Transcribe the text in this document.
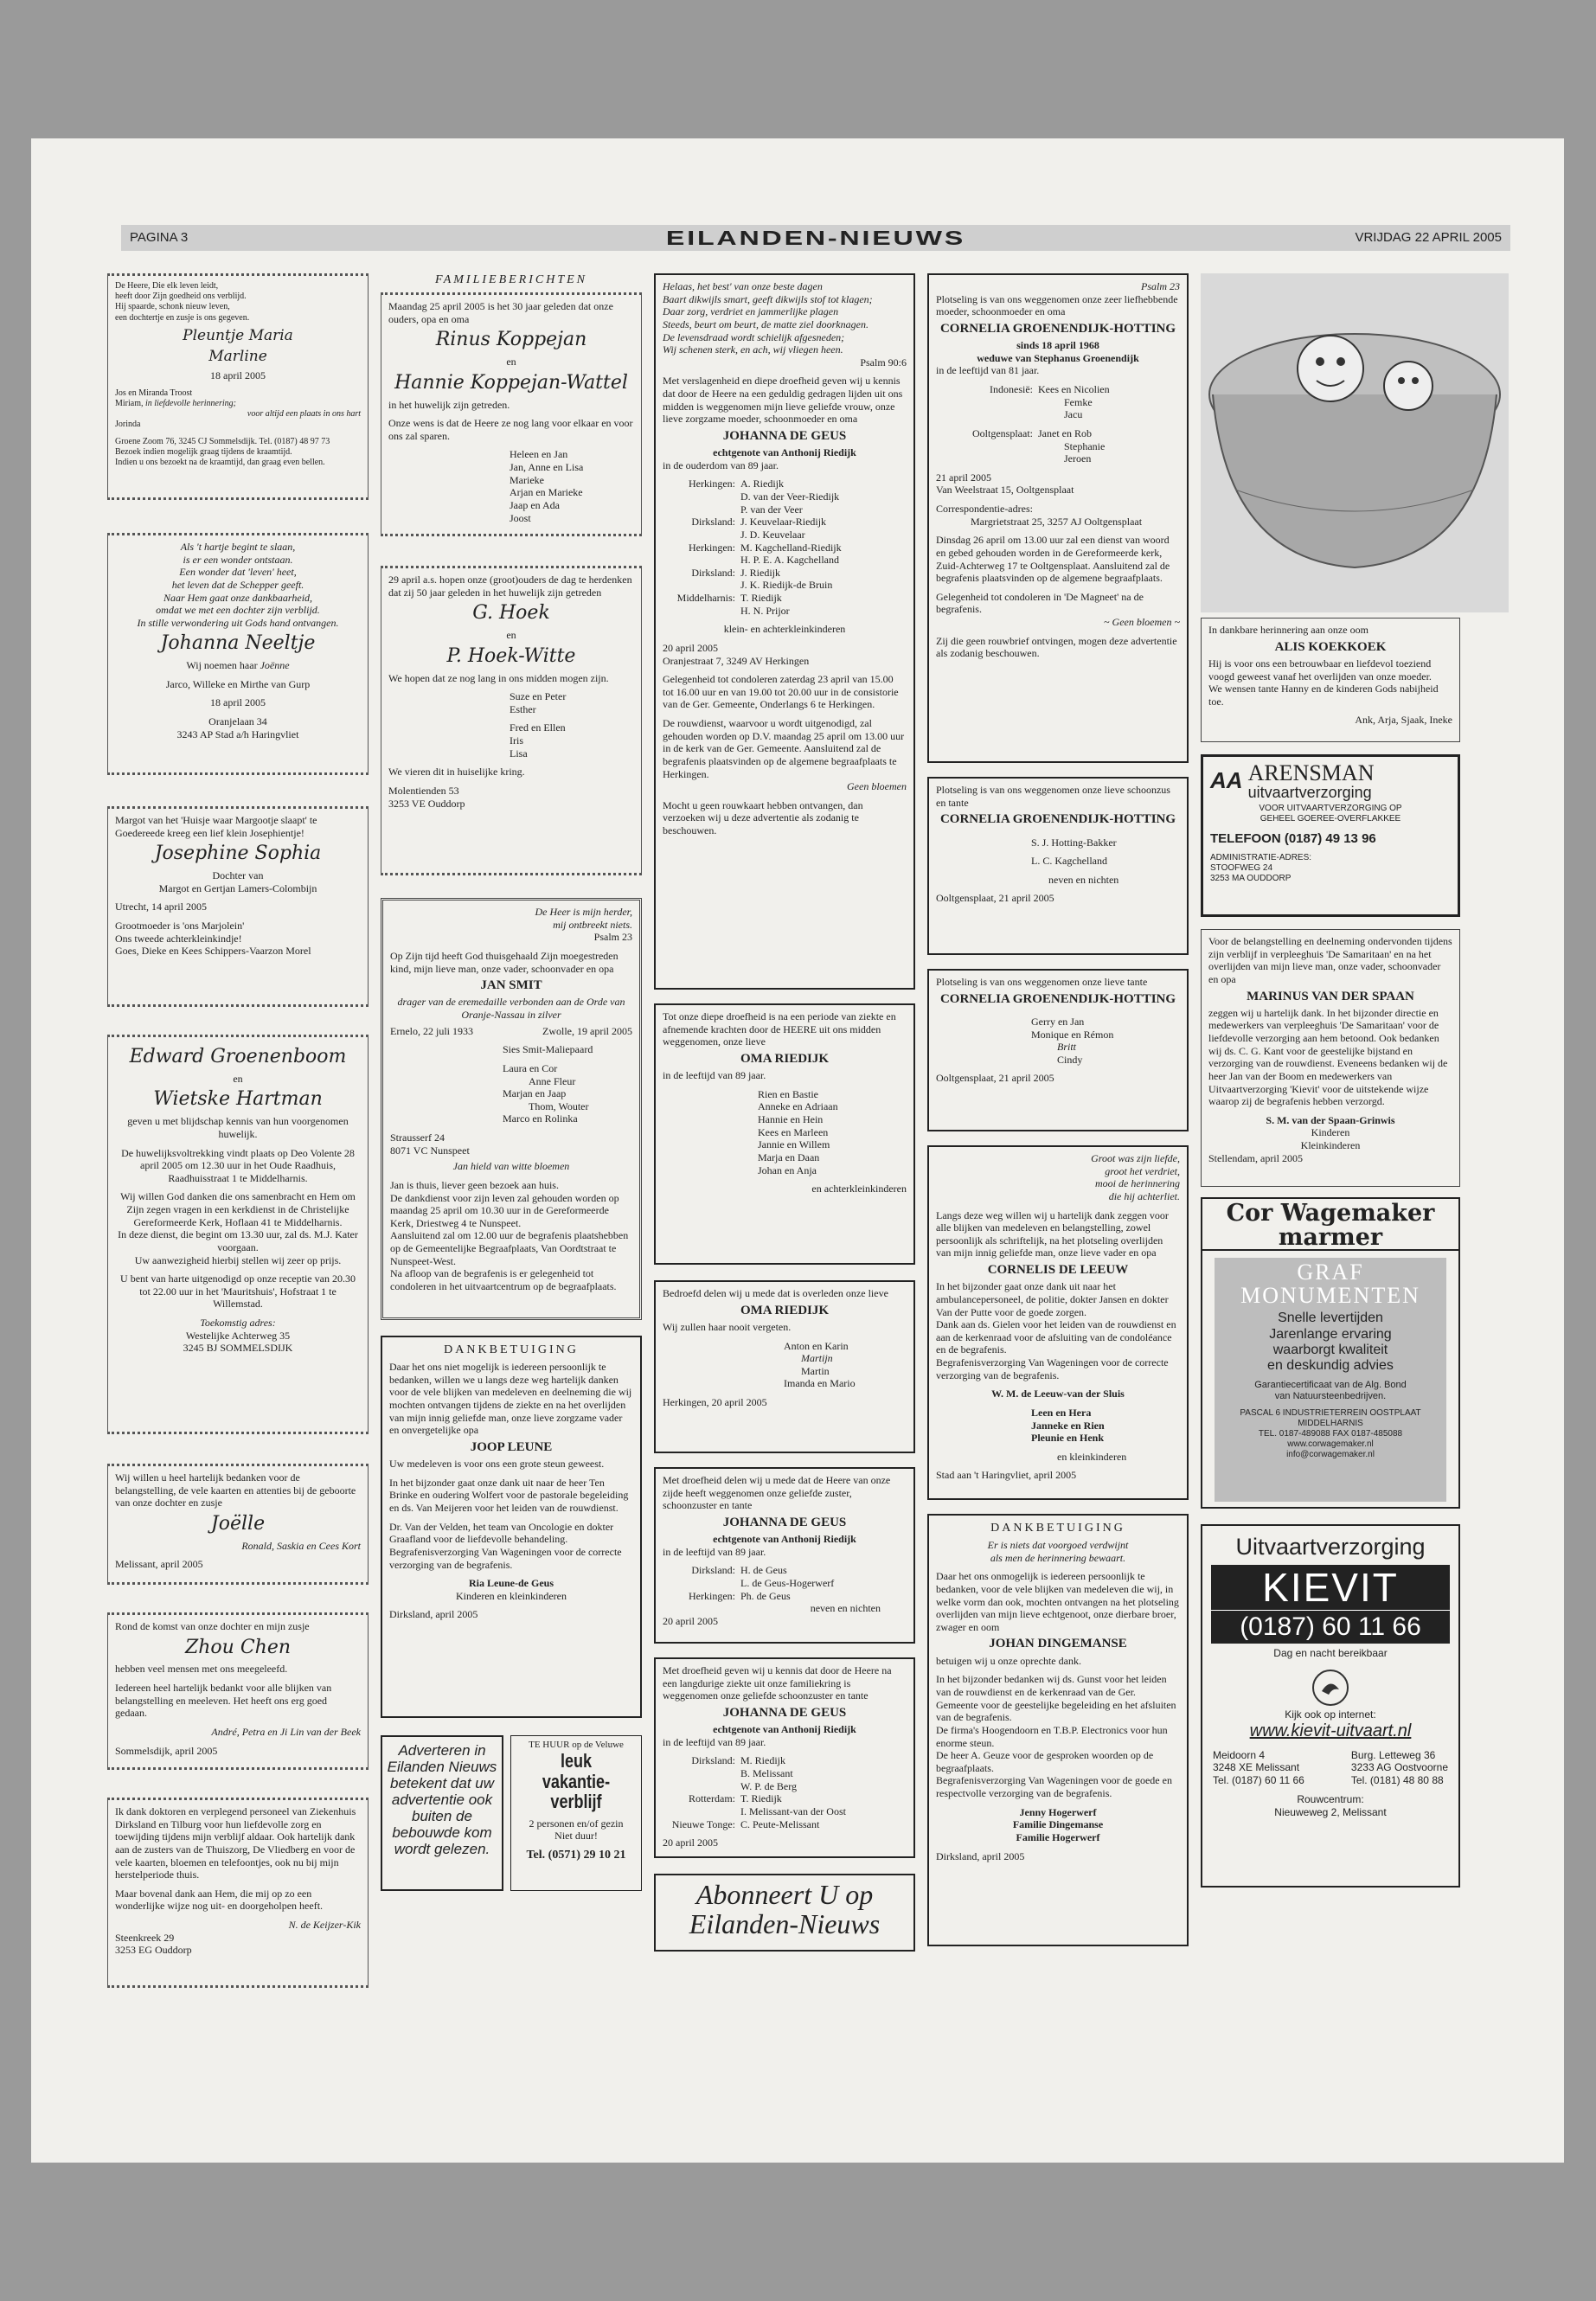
PAGINA 3	EILANDEN-NIEUWS	VRIJDAG 22 APRIL 2005
De Heere, Die elk leven leidt,
heeft door Zijn goedheid ons verblijd.
Hij spaarde, schonk nieuw leven,
een dochtertje en zusje is ons gegeven.
Pleuntje Maria
Marline
18 april 2005
Jos en Miranda Troost
Miriam, in liefdevolle herinnering;
voor altijd een plaats in ons hart
Jorinda
Groene Zoom 76, 3245 CJ Sommelsdijk. Tel. (0187) 48 97 73
Bezoek indien mogelijk graag tijdens de kraamtijd.
Indien u ons bezoekt na de kraamtijd, dan graag even bellen.
Als 't hartje begint te slaan,
is er een wonder ontstaan.
Een wonder dat 'leven' heet,
het leven dat de Schepper geeft.
Naar Hem gaat onze dankbaarheid,
omdat we met een dochter zijn verblijd.
In stille verwondering uit Gods hand ontvangen.
Johanna Neeltje
Wij noemen haar Joënne
Jarco, Willeke en Mirthe van Gurp
18 april 2005
Oranjelaan 34
3243 AP Stad a/h Haringvliet
Margot van het 'Huisje waar Margootje slaapt' te Goedereede kreeg een lief klein Josephientje!
Josephine Sophia
Dochter van
Margot en Gertjan Lamers-Colombijn
Utrecht, 14 april 2005
Grootmoeder is 'ons Marjolein'
Ons tweede achterkleinkindje!
Goes, Dieke en Kees Schippers-Vaarzon Morel
Edward Groenenboom
en
Wietske Hartman
geven u met blijdschap kennis van hun voorgenomen huwelijk.
De huwelijksvoltrekking vindt plaats op Deo Volente 28 april 2005 om 12.30 uur in het Oude Raadhuis, Raadhuisstraat 1 te Middelharnis.
Wij willen God danken die ons samenbracht en Hem om Zijn zegen vragen in een kerkdienst in de Christelijke Gereformeerde Kerk, Hoflaan 41 te Middelharnis.
In deze dienst, die begint om 13.30 uur, zal ds. M.J. Kater voorgaan.
Uw aanwezigheid hierbij stellen wij zeer op prijs.
U bent van harte uitgenodigd op onze receptie van 20.30 tot 22.00 uur in het 'Mauritshuis', Hofstraat 1 te Willemstad.
Toekomstig adres:
Westelijke Achterweg 35
3245 BJ SOMMELSDIJK
Wij willen u heel hartelijk bedanken voor de belangstelling, de vele kaarten en attenties bij de geboorte van onze dochter en zusje
Joëlle
Ronald, Saskia en Cees Kort
Melissant, april 2005
Rond de komst van onze dochter en mijn zusje
Zhou Chen
hebben veel mensen met ons meegeleefd.
Iedereen heel hartelijk bedankt voor alle blijken van belangstelling en meeleven. Het heeft ons erg goed gedaan.
André, Petra en Ji Lin van der Beek
Sommelsdijk, april 2005
Ik dank doktoren en verplegend personeel van Ziekenhuis Dirksland en Tilburg voor hun liefdevolle zorg en toewijding tijdens mijn verblijf aldaar. Ook hartelijk dank aan de zusters van de Thuiszorg, De Vliedberg en voor de vele kaarten, bloemen en telefoontjes, ook nu bij mijn herstelperiode thuis.
Maar bovenal dank aan Hem, die mij op zo een wonderlijke wijze nog uit- en doorgeholpen heeft.
N. de Keijzer-Kik
Steenkreek 29
3253 EG Ouddorp
FAMILIEBERICHTEN
Maandag 25 april 2005 is het 30 jaar geleden dat onze ouders, opa en oma
Rinus Koppejan
en
Hannie Koppejan-Wattel
in het huwelijk zijn getreden.
Onze wens is dat de Heere ze nog lang voor elkaar en voor ons zal sparen.
Heleen en Jan
Jan, Anne en Lisa
Marieke
Arjan en Marieke
Jaap en Ada
Joost
29 april a.s. hopen onze (groot)ouders de dag te herdenken dat zij 50 jaar geleden in het huwelijk zijn getreden
G. Hoek
en
P. Hoek-Witte
We hopen dat ze nog lang in ons midden mogen zijn.
Suze en Peter
Esther
Fred en Ellen
Iris
Lisa
We vieren dit in huiselijke kring.
Molentienden 53
3253 VE Ouddorp
De Heer is mijn herder,
mij ontbreekt niets.
Psalm 23
Op Zijn tijd heeft God thuisgehaald Zijn moegestreden kind, mijn lieve man, onze vader, schoonvader en opa
JAN SMIT
drager van de eremedaille verbonden aan de Orde van Oranje-Nassau in zilver
Ernelo, 22 juli 1933	Zwolle, 19 april 2005
Sies Smit-Maliepaard
Laura en Cor
Anne Fleur
Marjan en Jaap
Thom, Wouter
Marco en Rolinka
Strausserf 24
8071 VC Nunspeet
Jan hield van witte bloemen
Jan is thuis, liever geen bezoek aan huis.
De dankdienst voor zijn leven zal gehouden worden op maandag 25 april om 10.30 uur in de Gereformeerde Kerk, Driestweg 4 te Nunspeet.
Aansluitend zal om 12.00 uur de begrafenis plaatshebben op de Gemeentelijke Begraafplaats, Van Oordtstraat te Nunspeet-West.
Na afloop van de begrafenis is er gelegenheid tot condoleren in het uitvaartcentrum op de begraafplaats.
DANKBETUIGING
Daar het ons niet mogelijk is iedereen persoonlijk te bedanken, willen we u langs deze weg hartelijk danken voor de vele blijken van medeleven en deelneming die wij mochten ontvangen tijdens de ziekte en na het overlijden van mijn innig geliefde man, onze lieve zorgzame vader en onvergetelijke opa
JOOP LEUNE
Uw medeleven is voor ons een grote steun geweest.
In het bijzonder gaat onze dank uit naar de heer Ten Brinke en oudering Wolfert voor de pastorale begeleiding en ds. Van Meijeren voor het leiden van de rouwdienst.
Dr. Van der Velden, het team van Oncologie en dokter Graafland voor de liefdevolle behandeling. Begrafenisverzorging Van Wageningen voor de correcte verzorging van de begrafenis.
Ria Leune-de Geus
Kinderen en kleinkinderen
Dirksland, april 2005
Adverteren in
Eilanden Nieuws
betekent dat uw
advertentie ook
buiten de
bebouwde kom
wordt gelezen.
TE HUUR op de Veluwe
leuk vakantie-
verblijf
2 personen en/of gezin
Niet duur!
Tel. (0571) 29 10 21
Helaas, het best' van onze beste dagen
Baart dikwijls smart, geeft dikwijls stof tot klagen;
Daar zorg, verdriet en jammerlijke plagen
Steeds, beurt om beurt, de matte ziel doorknagen.
De levensdraad wordt schielijk afgesneden;
Wij schenen sterk, en ach, wij vliegen heen.
Psalm 90:6
Met verslagenheid en diepe droefheid geven wij u kennis dat door de Heere na een geduldig gedragen lijden uit ons midden is weggenomen mijn lieve geliefde vrouw, onze lieve zorgzame moeder, schoonmoeder en oma
JOHANNA DE GEUS
echtgenote van Anthonij Riedijk
in de ouderdom van 89 jaar.
Herkingen: A. Riedijk
D. van der Veer-Riedijk
P. van der Veer
Dirksland: J. Keuvelaar-Riedijk
J. D. Keuvelaar
Herkingen: M. Kagchelland-Riedijk
H. P. E. A. Kagchelland
Dirksland: J. Riedijk
J. K. Riedijk-de Bruin
Middelharnis: T. Riedijk
H. N. Prijor
klein- en achterkleinkinderen
20 april 2005
Oranjestraat 7, 3249 AV Herkingen
Gelegenheid tot condoleren zaterdag 23 april van 15.00 tot 16.00 uur en van 19.00 tot 20.00 uur in de consistorie van de Ger. Gemeente, Onderlangs 6 te Herkingen.
De rouwdienst, waarvoor u wordt uitgenodigd, zal gehouden worden op D.V. maandag 25 april om 13.00 uur in de kerk van de Ger. Gemeente. Aansluitend zal de begrafenis plaatsvinden op de algemene begraafplaats te Herkingen.
Geen bloemen
Mocht u geen rouwkaart hebben ontvangen, dan verzoeken wij u deze advertentie als zodanig te beschouwen.
Tot onze diepe droefheid is na een periode van ziekte en afnemende krachten door de HEERE uit ons midden weggenomen, onze lieve
OMA RIEDIJK
in de leeftijd van 89 jaar.
Rien en Bastie
Anneke en Adriaan
Hannie en Hein
Kees en Marleen
Jannie en Willem
Marja en Daan
Johan en Anja
en achterkleinkinderen
Bedroefd delen wij u mede dat is overleden onze lieve
OMA RIEDIJK
Wij zullen haar nooit vergeten.
Anton en Karin
Martijn
Martin
Imanda en Mario
Herkingen, 20 april 2005
Met droefheid delen wij u mede dat de Heere van onze zijde heeft weggenomen onze geliefde zuster, schoonzuster en tante
JOHANNA DE GEUS
echtgenote van Anthonij Riedijk
in de leeftijd van 89 jaar.
Dirksland: H. de Geus
L. de Geus-Hogerwerf
Herkingen: Ph. de Geus
neven en nichten
20 april 2005
Met droefheid geven wij u kennis dat door de Heere na een langdurige ziekte uit onze familiekring is weggenomen onze geliefde schoonzuster en tante
JOHANNA DE GEUS
echtgenote van Anthonij Riedijk
in de leeftijd van 89 jaar.
Dirksland: M. Riedijk
B. Melissant
W. P. de Berg
Rotterdam: T. Riedijk
I. Melissant-van der Oost
Nieuwe Tonge: C. Peute-Melissant
20 april 2005
Abonneert U op
Eilanden-Nieuws
Psalm 23
Plotseling is van ons weggenomen onze zeer liefhebbende moeder, schoonmoeder en oma
CORNELIA GROENENDIJK-HOTTING
sinds 18 april 1968
weduwe van Stephanus Groenendijk
in de leeftijd van 81 jaar.
Indonesië: Kees en Nicolien
Femke
Jacu
Ooltgensplaat: Janet en Rob
Stephanie
Jeroen
21 april 2005
Van Weelstraat 15, Ooltgensplaat
Correspondentie-adres:
Margrietstraat 25, 3257 AJ Ooltgensplaat
Dinsdag 26 april om 13.00 uur zal een dienst van woord en gebed gehouden worden in de Gereformeerde kerk, Zuid-Achterweg 17 te Ooltgensplaat. Aansluitend zal de begrafenis plaatsvinden op de algemene begraafplaats.
Gelegenheid tot condoleren in 'De Magneet' na de begrafenis.
~ Geen bloemen ~
Zij die geen rouwbrief ontvingen, mogen deze advertentie als zodanig beschouwen.
Plotseling is van ons weggenomen onze lieve schoonzus en tante
CORNELIA GROENENDIJK-HOTTING
S. J. Hotting-Bakker
L. C. Kagchelland
neven en nichten
Ooltgensplaat, 21 april 2005
Plotseling is van ons weggenomen onze lieve tante
CORNELIA GROENENDIJK-HOTTING
Gerry en Jan
Monique en Rémon
Britt
Cindy
Ooltgensplaat, 21 april 2005
Groot was zijn liefde,
groot het verdriet,
mooi de herinnering
die hij achterliet.
Langs deze weg willen wij u hartelijk dank zeggen voor alle blijken van medeleven en belangstelling, zowel persoonlijk als schriftelijk, na het plotseling overlijden van mijn innig geliefde man, onze lieve vader en opa
CORNELIS DE LEEUW
In het bijzonder gaat onze dank uit naar het ambulancepersoneel, de politie, dokter Jansen en dokter Van der Putte voor de goede zorgen.
Dank aan ds. Gielen voor het leiden van de rouwdienst en aan de kerkenraad voor de afsluiting van de condoléance en de begrafenis.
Begrafenisverzorging Van Wageningen voor de correcte verzorging van de begrafenis.
W. M. de Leeuw-van der Sluis
Leen en Hera
Janneke en Rien
Pleunie en Henk
en kleinkinderen
Stad aan 't Haringvliet, april 2005
DANKBETUIGING
Er is niets dat voorgoed verdwijnt
als men de herinnering bewaart.
Daar het ons onmogelijk is iedereen persoonlijk te bedanken, voor de vele blijken van medeleven die wij, in welke vorm dan ook, mochten ontvangen na het plotseling overlijden van mijn lieve echtgenoot, onze dierbare broer, zwager en oom
JOHAN DINGEMANSE
betuigen wij u onze oprechte dank.
In het bijzonder bedanken wij ds. Gunst voor het leiden van de rouwdienst en de kerkenraad van de Ger. Gemeente voor de geestelijke begeleiding en het afsluiten van de begrafenis.
De firma's Hoogendoorn en T.B.P. Electronics voor hun enorme steun.
De heer A. Geuze voor de gesproken woorden op de begraafplaats.
Begrafenisverzorging Van Wageningen voor de goede en respectvolle verzorging van de begrafenis.
Jenny Hogerwerf
Familie Dingemanse
Familie Hogerwerf
Dirksland, april 2005
In dankbare herinnering aan onze oom
ALIS KOEKKOEK
Hij is voor ons een betrouwbaar en liefdevol toeziend voogd geweest vanaf het overlijden van onze moeder.
We wensen tante Hanny en de kinderen Gods nabijheid toe.
Ank, Arja, Sjaak, Ineke
AA ARENSMAN
uitvaartverzorging
VOOR UITVAARTVERZORGING OP
GEHEEL GOEREE-OVERFLAKKEE
TELEFOON (0187) 49 13 96
ADMINISTRATIE-ADRES:
STOOFWEG 24
3253 MA OUDDORP
Voor de belangstelling en deelneming ondervonden tijdens zijn verblijf in verpleeghuis 'De Samaritaan' en na het overlijden van mijn lieve man, onze vader, schoonvader en opa
MARINUS VAN DER SPAAN
zeggen wij u hartelijk dank. In het bijzonder directie en medewerkers van verpleeghuis 'De Samaritaan' voor de liefdevolle verzorging aan hem betoond. Ook bedanken wij ds. C. G. Kant voor de geestelijke bijstand en verzorging van de rouwdienst. Eveneens bedanken wij de heer Jan van der Boom en medewerkers van Uitvaartverzorging 'Kievit' voor de uitstekende wijze waarop zij de begrafenis hebben verzorgd.
S. M. van der Spaan-Grinwis
Kinderen
Kleinkinderen
Stellendam, april 2005
Cor Wagemaker
marmer
GRAF
MONUMENTEN
Snelle levertijden
Jarenlange ervaring
waarborgt kwaliteit
en deskundig advies
Garantiecertificaat van de Alg. Bond
van Natuursteenbedrijven.
PASCAL 6 INDUSTRIETERREIN OOSTPLAAT
MIDDELHARNIS
TEL. 0187-489088 FAX 0187-485088
www.corwagemaker.nl
info@corwagemaker.nl
Uitvaartverzorging
KIEVIT
(0187) 60 11 66
Dag en nacht bereikbaar
Kijk ook op internet:
www.kievit-uitvaart.nl
Meidoorn 4
3248 XE Melissant
Tel. (0187) 60 11 66
Burg. Letteweg 36
3233 AG Oostvoorne
Tel. (0181) 48 80 88
Rouwcentrum:
Nieuweweg 2, Melissant
